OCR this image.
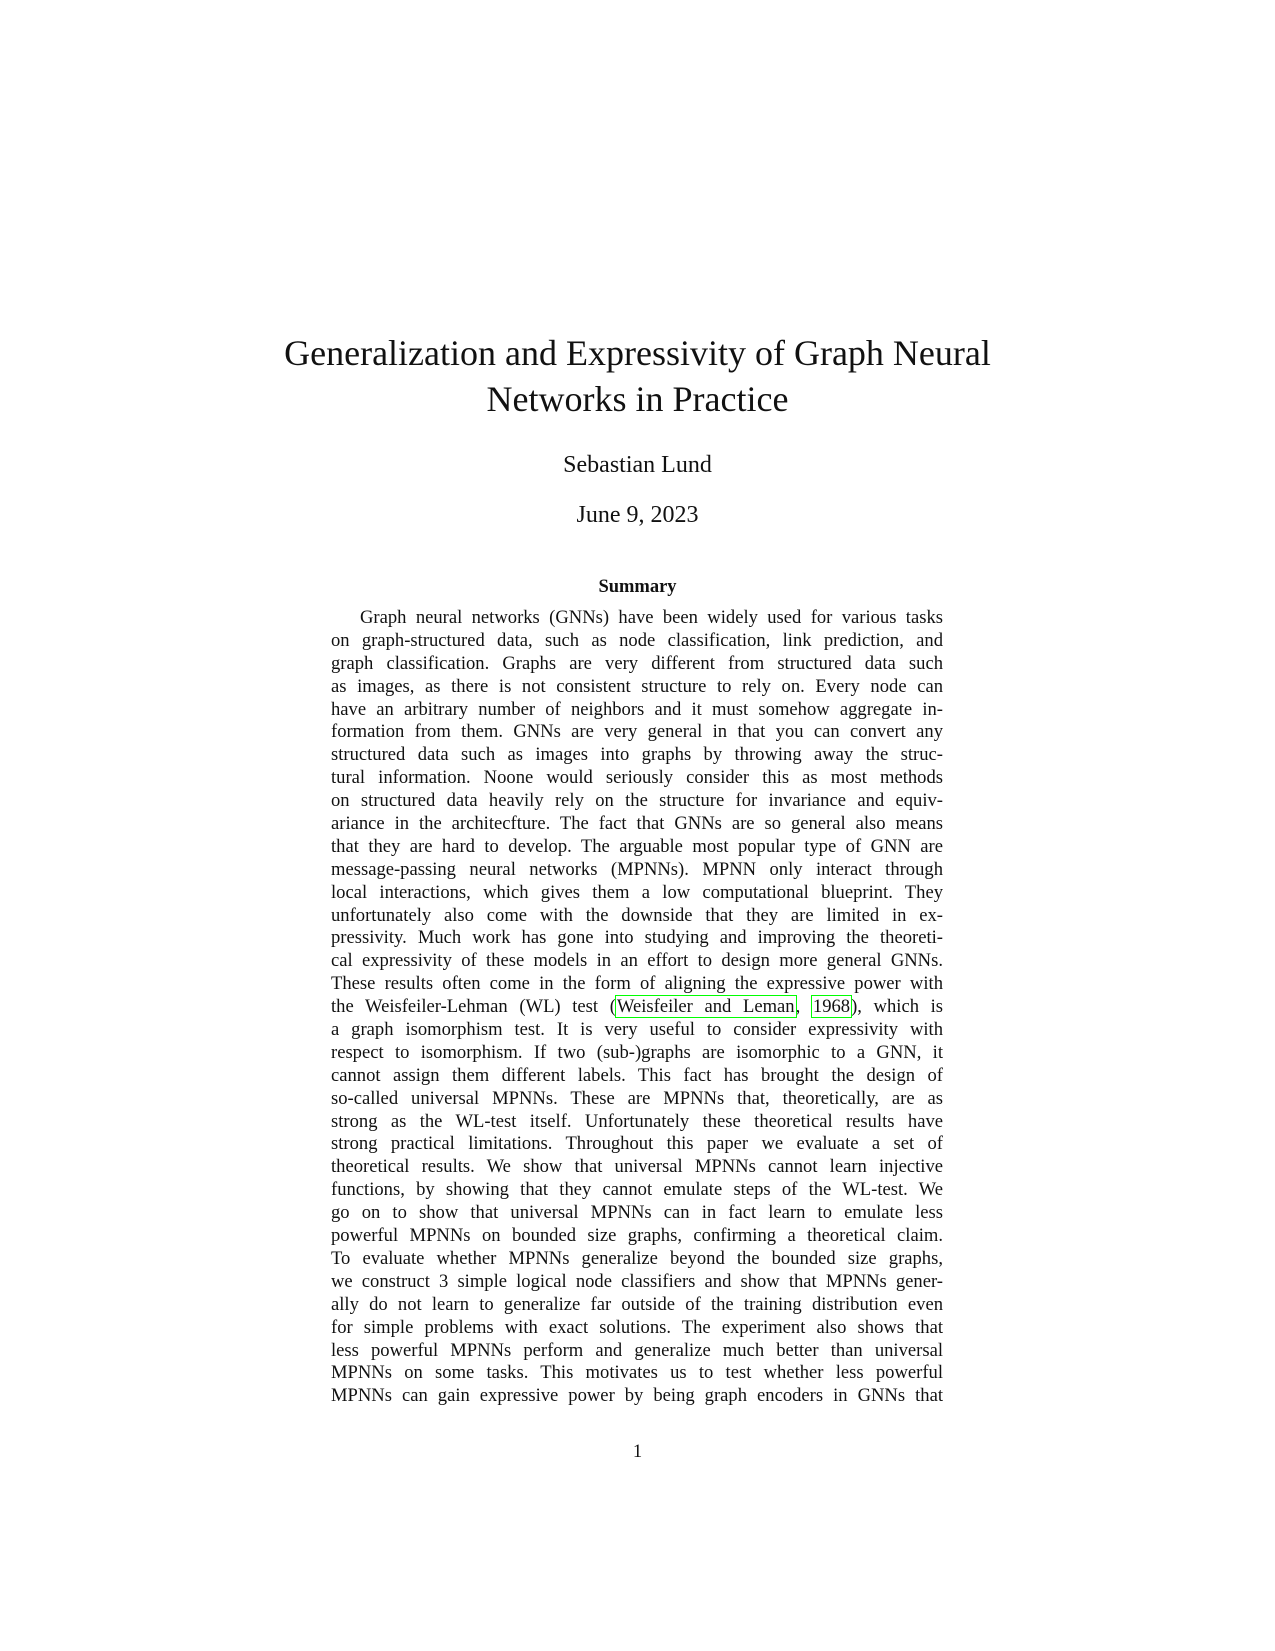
Generalization and Expressivity of Graph Neural
Networks in Practice
Sebastian Lund
June 9, 2023
Summary
Graph neural networks (GNNs) have been widely used for various tasks
on graph-structured data, such as node classification, link prediction, and
graph classification. Graphs are very different from structured data such
as images, as there is not consistent structure to rely on. Every node can
have an arbitrary number of neighbors and it must somehow aggregate in-
formation from them. GNNs are very general in that you can convert any
structured data such as images into graphs by throwing away the struc-
tural information. Noone would seriously consider this as most methods
on structured data heavily rely on the structure for invariance and equiv-
ariance in the architecfture. The fact that GNNs are so general also means
that they are hard to develop. The arguable most popular type of GNN are
message-passing neural networks (MPNNs). MPNN only interact through
local interactions, which gives them a low computational blueprint. They
unfortunately also come with the downside that they are limited in ex-
pressivity. Much work has gone into studying and improving the theoreti-
cal expressivity of these models in an effort to design more general GNNs.
These results often come in the form of aligning the expressive power with
the Weisfeiler-Lehman (WL) test (Weisfeiler and Leman, 1968), which is
a graph isomorphism test. It is very useful to consider expressivity with
respect to isomorphism. If two (sub-)graphs are isomorphic to a GNN, it
cannot assign them different labels. This fact has brought the design of
so-called universal MPNNs. These are MPNNs that, theoretically, are as
strong as the WL-test itself. Unfortunately these theoretical results have
strong practical limitations. Throughout this paper we evaluate a set of
theoretical results. We show that universal MPNNs cannot learn injective
functions, by showing that they cannot emulate steps of the WL-test. We
go on to show that universal MPNNs can in fact learn to emulate less
powerful MPNNs on bounded size graphs, confirming a theoretical claim.
To evaluate whether MPNNs generalize beyond the bounded size graphs,
we construct 3 simple logical node classifiers and show that MPNNs gener-
ally do not learn to generalize far outside of the training distribution even
for simple problems with exact solutions. The experiment also shows that
less powerful MPNNs perform and generalize much better than universal
MPNNs on some tasks. This motivates us to test whether less powerful
MPNNs can gain expressive power by being graph encoders in GNNs that
1
